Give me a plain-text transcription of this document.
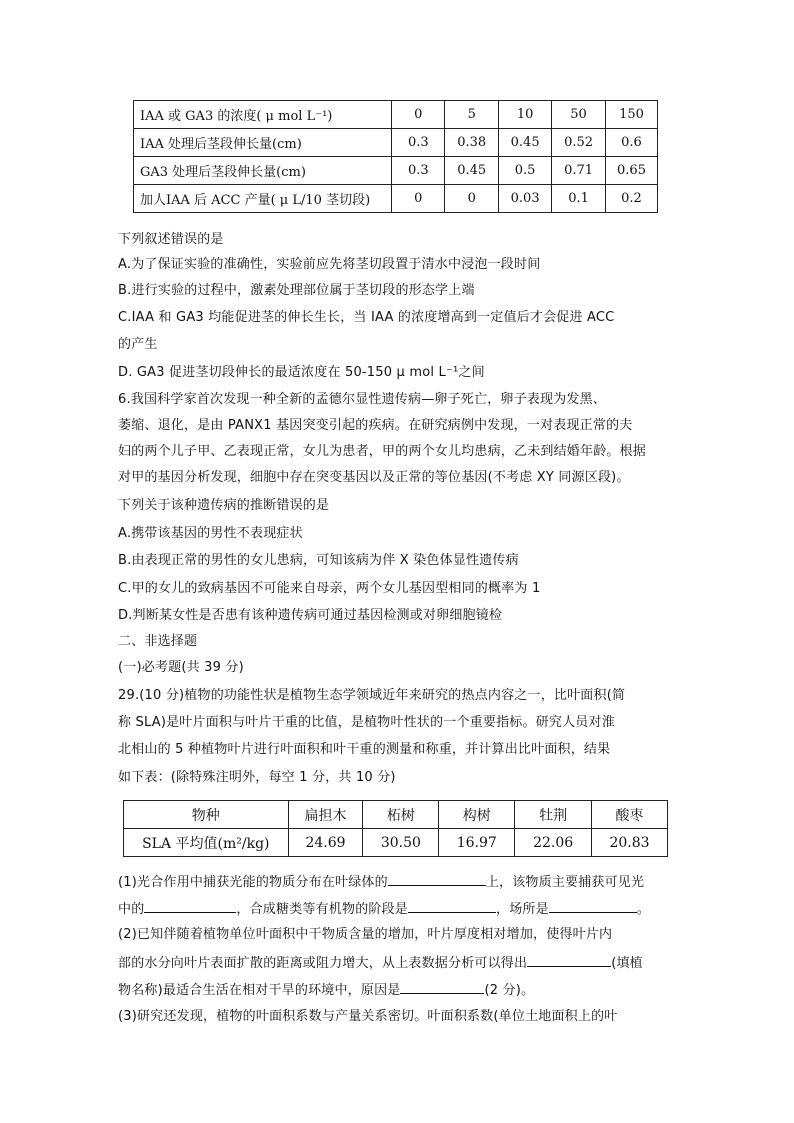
IAA 或 GA3 的浓度( μ mol L⁻¹)	0	5	10	50	150
IAA 处理后茎段伸长量(cm)	0.3	0.38	0.45	0.52	0.6
GA3 处理后茎段伸长量(cm)	0.3	0.45	0.5	0.71	0.65
加人IAA 后 ACC 产量( μ L/10 茎切段)	0	0	0.03	0.1	0.2
下列叙述错误的是
A.为了保证实验的准确性，实验前应先将茎切段置于清水中浸泡一段时间
B.进行实验的过程中，激素处理部位属于茎切段的形态学上端
C.IAA 和 GA3 均能促进茎的伸长生长，当 IAA 的浓度增高到一定值后才会促进 ACC
的产生
D. GA3 促进茎切段伸长的最适浓度在 50-150 μ mol L⁻¹之间
6.我国科学家首次发现一种全新的孟德尔显性遗传病—卵子死亡，卵子表现为发黑、
萎缩、退化，是由 PANX1 基因突变引起的疾病。在研究病例中发现，一对表现正常的夫
妇的两个儿子甲、乙表现正常，女儿为患者，甲的两个女儿均患病，乙未到结婚年龄。根据
对甲的基因分析发现，细胞中存在突变基因以及正常的等位基因(不考虑 XY 同源区段)。
下列关于该种遗传病的推断错误的是
A.携带该基因的男性不表现症状
B.由表现正常的男性的女儿患病，可知该病为伴 X 染色体显性遗传病
C.甲的女儿的致病基因不可能来自母亲，两个女儿基因型相同的概率为 1
D.判断某女性是否患有该种遗传病可通过基因检测或对卵细胞镜检
二、非选择题
(一)必考题(共 39 分)
29.(10 分)植物的功能性状是植物生态学领域近年来研究的热点内容之一，比叶面积(简
称 SLA)是叶片面积与叶片干重的比值，是植物叶性状的一个重要指标。研究人员对淮
北相山的 5 种植物叶片进行叶面积和叶干重的测量和称重，并计算出比叶面积，结果
如下表：(除特殊注明外，每空 1 分，共 10 分)
物种	扁担木	柘树	构树	牡荆	酸枣
SLA 平均值(m²/kg)	24.69	30.50	16.97	22.06	20.83
(1)光合作用中捕获光能的物质分布在叶绿体的	上，该物质主要捕获可见光
中的	，合成糖类等有机物的阶段是	，场所是	。
(2)已知伴随着植物单位叶面积中干物质含量的增加，叶片厚度相对增加，使得叶片内
部的水分向叶片表面扩散的距离或阻力增大，从上表数据分析可以得出	(填植
物名称)最适合生活在相对干旱的环境中，原因是	(2 分)。
(3)研究还发现，植物的叶面积系数与产量关系密切。叶面积系数(单位土地面积上的叶
